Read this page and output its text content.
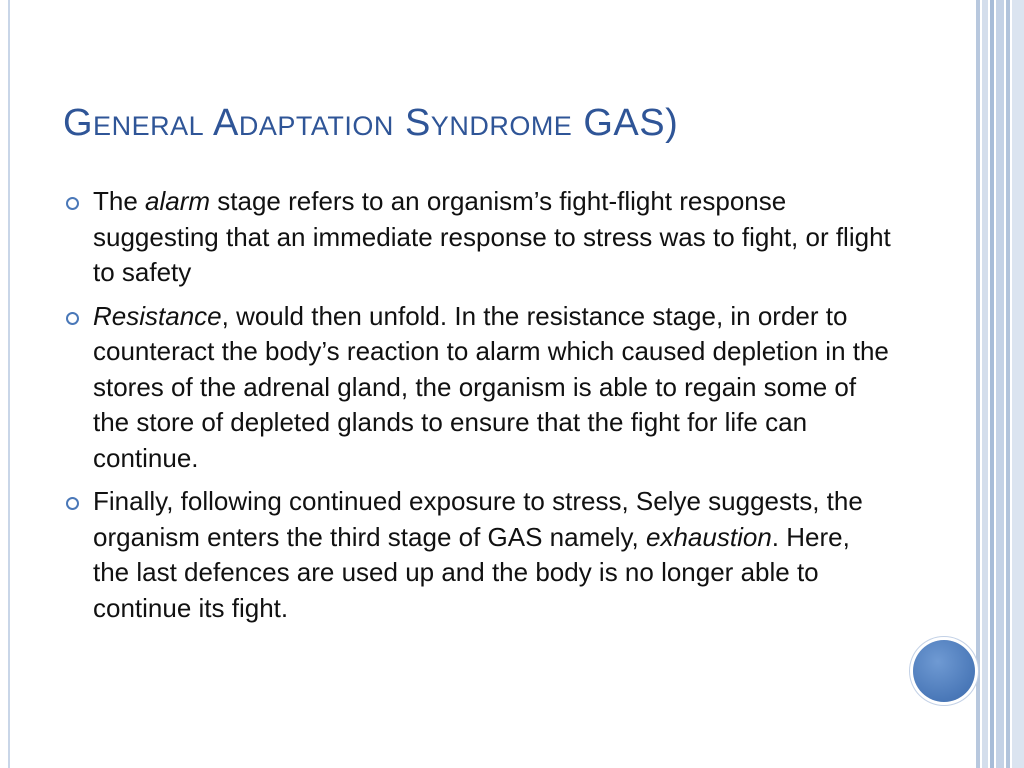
General Adaptation Syndrome GAS)
The alarm stage refers to an organism’s fight-flight response suggesting that an immediate response to stress was to fight, or flight to safety
Resistance, would then unfold. In the resistance stage, in order to counteract the body’s reaction to alarm which caused depletion in the stores of the adrenal gland, the organism is able to regain some of the store of depleted glands to ensure that the fight for life can continue.
Finally, following continued exposure to stress, Selye suggests, the organism enters the third stage of GAS namely, exhaustion. Here, the last defences are used up and the body is no longer able to continue its fight.
